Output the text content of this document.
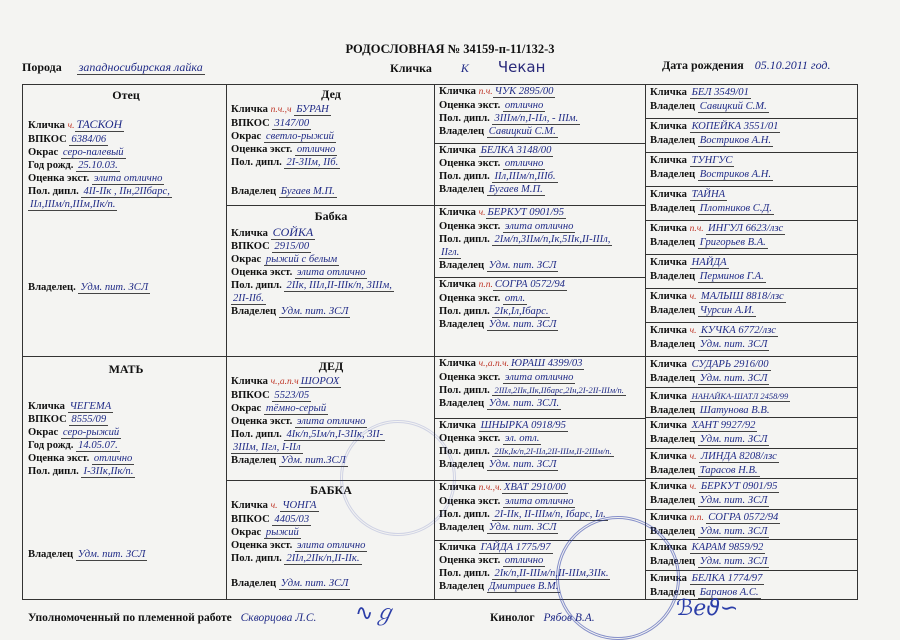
РОДОСЛОВНАЯ № 34159-п-11/132-3
Порода западносибирская лайка	Кличка К Чекан	Дата рождения 05.10.2011 год.
Отец
Кличка ч. ТАСКОН
ВПКОС 6384/06
Окрас серо-палевый
Год рожд. 25.10.03.
Оценка экст. элита отлично
Пол. дипл. 4II-IIк , IIн,2IIбарс,
IIл,IIIм/п,IIIм,IIк/п.
Владелец. Удм. пит. ЗСЛ
МАТЬ
Кличка ЧЕГЕМА
ВПКОС 8555/09
Окрас серо-рыжий
Год рожд. 14.05.07.
Оценка экст. отлично
Пол. дипл. I-3IIк,IIк/п.
Владелец Удм. пит. ЗСЛ
Дед
Кличка п.ч.,ч БУРАН
ВПКОС 3147/00
Окрас светло-рыжий
Оценка экст. отлично
Пол. дипл. 2I-3IIм, IIб.
Владелец Бугаев М.П.
Бабка
Кличка СОЙКА
ВПКОС 2915/00
Окрас рыжий с белым
Оценка экст. элита отлично
Пол. дипл. 2IIк, IIIл,II-IIIк/п, 3IIIм,
2II-IIб.
Владелец Удм. пит. ЗСЛ
ДЕД
Кличка ч.,а.п.ч ШОРОХ
ВПКОС 5523/05
Окрас тёмно-серый
Оценка экст. элита отлично
Пол. дипл. 4Iк/п,5Iм/п,I-3IIк, 3II-
3IIIм, IIгл, I-IIл
Владелец Удм. пит.ЗСЛ
БАБКА
Кличка ч. ЧОНГА
ВПКОС 4405/03
Окрас рыжий
Оценка экст. элита отлично
Пол. дипл. 2IIл,2IIк/п,II-IIк.
Владелец Удм. пит. ЗСЛ
Кличка п.ч. ЧУК 2895/00
Оценка экст. отлично
Пол. дипл. 3IIIм/п,I-IIл, - IIIм.
Владелец Савицкий С.М.
Кличка БЕЛКА 3148/00
Оценка экст. отлично
Пол. дипл. IIл,IIIм/п,IIIб.
Владелец Бугаев М.П.
Кличка ч. БЕРКУТ 0901/95
Оценка экст. элита отлично
Пол. дипл. 2Iм/п,3IIм/п,Iк,5IIк,II-IIIл,
IIгл.
Владелец Удм. пит. ЗСЛ
Кличка п.п. СОГРА 0572/94
Оценка экст. отл.
Пол. дипл. 2Iк,Iл,Iбарс.
Владелец Удм. пит. ЗСЛ
Кличка ч.,а.п.ч. ЮРАШ 4399/03
Оценка экст. элита отлично
Пол. дипл. 2IIIл,2IIк,IIк,IIбарс,2Iн,2I-2II-IIIм/п.
Владелец Удм. пит. ЗСЛ.
Кличка ШНЫРКА 0918/95
Оценка экст. эл. отл.
Пол. дипл. 2IIк,Iк/п,2I-IIл,2II-IIIм,II-2IIIм/п.
Владелец Удм. пит. ЗСЛ
Кличка п.ч.,ч. ХВАТ 2910/00
Оценка экст. элита отлично
Пол. дипл. 2I-IIк, II-IIIм/п, Iбарс, Iл.
Владелец Удм. пит. ЗСЛ
Кличка ГАЙДА 1775/97
Оценка экст. отлично
Пол. дипл. 2Iк/п,II-IIIм/п,II-IIIм,3IIк.
Владелец Дмитриев В.М.
Кличка БЕЛ 3549/01
Владелец Савицкий С.М.
Кличка КОПЕЙКА 3551/01
Владелец Востриков А.Н.
Кличка ТУНГУС
Владелец Востриков А.Н.
Кличка ТАЙНА
Владелец Плотников С.Д.
Кличка п.ч. ИНГУЛ 6623/лзс
Владелец Григорьев В.А.
Кличка НАЙДА
Владелец Перминов Г.А.
Кличка ч. МАЛЫШ 8818/лзс
Владелец Чурсин А.И.
Кличка ч. КУЧКА 6772/лзс
Владелец Удм. пит. ЗСЛ
Кличка СУДАРЬ 2916/00
Владелец Удм. пит. ЗСЛ
Кличка НАНАЙКА-ШАТЛ 2458/99
Владелец Шатунова В.В.
Кличка ХАНТ 9927/92
Владелец Удм. пит. ЗСЛ
Кличка ч. ЛИНДА 8208/лзс
Владелец Тарасов Н.В.
Кличка ч. БЕРКУТ 0901/95
Владелец Удм. пит. ЗСЛ
Кличка п.п. СОГРА 0572/94
Владелец Удм. пит. ЗСЛ
Кличка КАРАМ 9859/92
Владелец Удм. пит. ЗСЛ
Кличка БЕЛКА 1774/97
Владелец Баранов А.С.
∿ℊ	ℬℯϑ∽
Уполномоченный по племенной работе Скворцова Л.С.	Кинолог Рябов В.А.
